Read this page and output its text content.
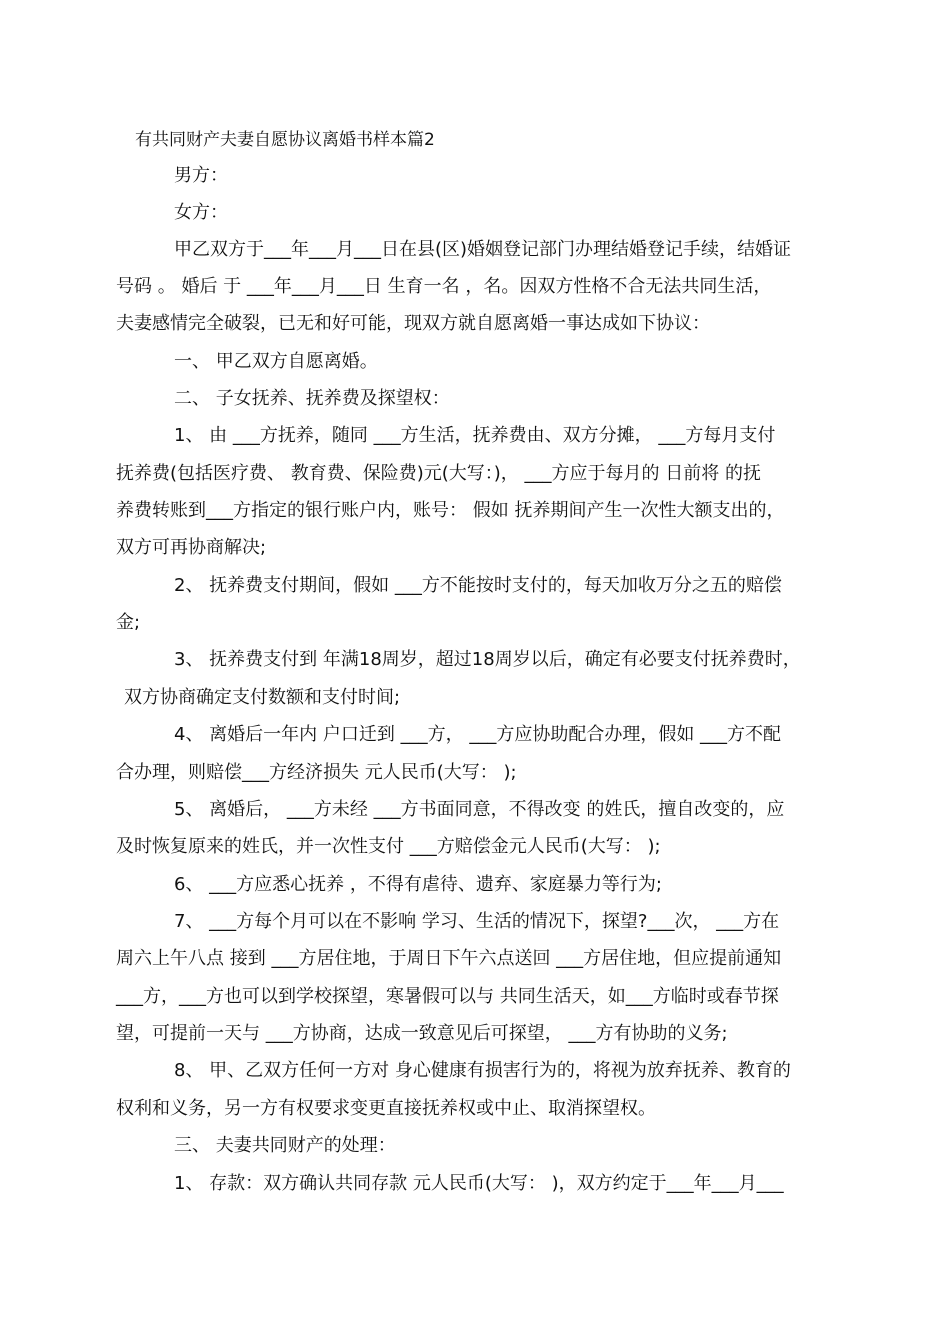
有共同财产夫妻自愿协议离婚书样本篇2
男方：
女方：
甲乙双方于___年___月___日在县(区)婚姻登记部门办理结婚登记手续，结婚证
号码 。 婚后 于 ___年___月___日 生育一名 ，名。因双方性格不合无法共同生活，
夫妻感情完全破裂，已无和好可能，现双方就自愿离婚一事达成如下协议：
一、 甲乙双方自愿离婚。
二、 子女抚养、抚养费及探望权：
1、 由 ___方抚养，随同 ___方生活，抚养费由、双方分摊， ___方每月支付
抚养费(包括医疗费、 教育费、保险费)元(大写：)， ___方应于每月的 日前将 的抚
养费转账到___方指定的银行账户内，账号： 假如 抚养期间产生一次性大额支出的，
双方可再协商解决;
2、 抚养费支付期间，假如 ___方不能按时支付的，每天加收万分之五的赔偿
金;
3、 抚养费支付到 年满18周岁，超过18周岁以后，确定有必要支付抚养费时，
双方协商确定支付数额和支付时间;
4、 离婚后一年内 户口迁到 ___方， ___方应协助配合办理，假如 ___方不配
合办理，则赔偿___方经济损失 元人民币(大写： );
5、 离婚后， ___方未经 ___方书面同意，不得改变 的姓氏，擅自改变的，应
及时恢复原来的姓氏，并一次性支付 ___方赔偿金元人民币(大写： );
6、 ___方应悉心抚养 ，不得有虐待、遗弃、家庭暴力等行为;
7、 ___方每个月可以在不影响 学习、生活的情况下，探望?___次， ___方在
周六上午八点 接到 ___方居住地，于周日下午六点送回 ___方居住地，但应提前通知
___方，___方也可以到学校探望，寒暑假可以与 共同生活天，如___方临时或春节探
望，可提前一天与 ___方协商，达成一致意见后可探望， ___方有协助的义务;
8、 甲、乙双方任何一方对 身心健康有损害行为的，将视为放弃抚养、教育的
权利和义务，另一方有权要求变更直接抚养权或中止、取消探望权。
三、 夫妻共同财产的处理：
1、 存款：双方确认共同存款 元人民币(大写： )，双方约定于___年___月___
